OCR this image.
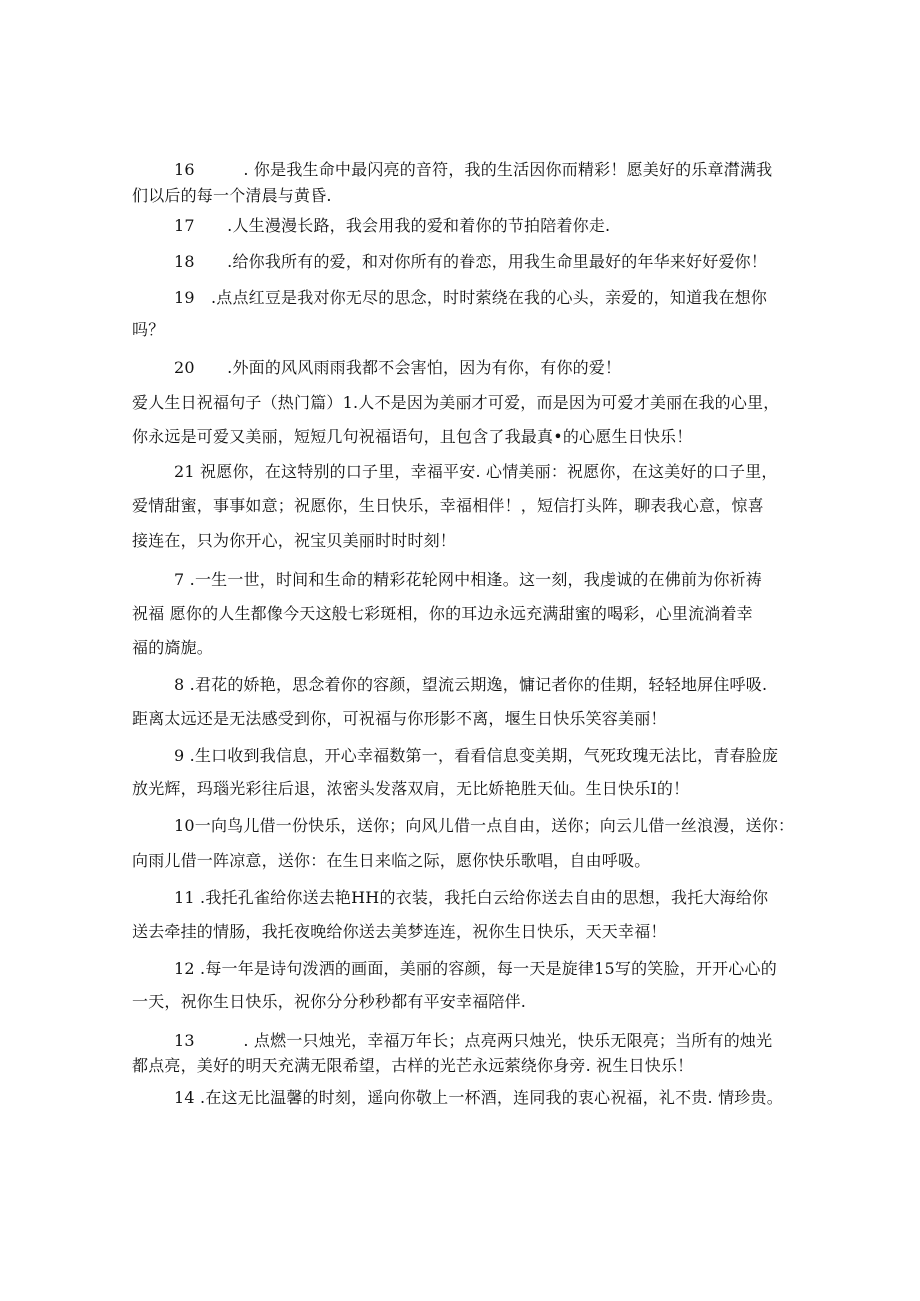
16　　　. 你是我生命中最闪亮的音符，我的生活因你而精彩！愿美好的乐章潸满我
们以后的每一个清晨与黄昏.
17　　.人生漫漫长路，我会用我的爱和着你的节拍陪着你走.
18　　.给你我所有的爱，和对你所有的眷恋，用我生命里最好的年华来好好爱你！
19　.点点红豆是我对你无尽的思念，时时萦绕在我的心头，亲爱的，知道我在想你
吗？
20　　.外面的风风雨雨我都不会害怕，因为有你，有你的爱！
爱人生日祝福句子（热门篇）1.人不是因为美丽才可爱，而是因为可爱才美丽在我的心里，
你永远是可爱又美丽，短短几句祝福语句，且包含了我最真•的心愿生日快乐！
21 祝愿你，在这特别的口子里，幸福平安. 心情美丽：祝愿你，在这美好的口子里，
爱情甜蜜，事事如意；祝愿你，生日快乐，幸福相伴！，短信打头阵，聊表我心意，惊喜
接连在，只为你开心，祝宝贝美丽时时时刻！
7 .一生一世，时间和生命的精彩花轮网中相逢。这一刻，我虔诚的在佛前为你祈祷
祝福 愿你的人生都像今天这般七彩斑相，你的耳边永远充满甜蜜的喝彩，心里流淌着幸
福的旖旎。
8 .君花的娇艳，思念着你的容颜，望流云期逸，慵记者你的佳期，轻轻地屏住呼吸.
距离太远还是无法感受到你，可祝福与你形影不离，堰生日快乐笑容美丽！
9 .生口收到我信息，开心幸福数第一，看看信息变美期，气死玫瑰无法比，青春脸庞
放光辉，玛瑙光彩往后退，浓密头发落双肩，无比娇艳胜天仙。生日快乐I的！
10一向鸟儿借一份快乐，送你；向风儿借一点自由，送你；向云儿借一丝浪漫，送你：
向雨儿借一阵凉意，送你：在生日来临之际，愿你快乐歌唱，自由呼吸。
11 .我托孔雀给你送去艳HH的衣装，我托白云给你送去自由的思想，我托大海给你
送去牵挂的情肠，我托夜晚给你送去美梦连连，祝你生日快乐，天天幸福！
12 .每一年是诗句泼洒的画面，美丽的容颜，每一天是旋律15写的笑脸，开开心心的
一天，祝你生日快乐，祝你分分秒秒都有平安幸福陪伴.
13　　　. 点燃一只烛光，幸福万年长；点亮两只烛光，快乐无限亮；当所有的烛光
都点亮，美好的明天充满无限希望，古样的光芒永远萦绕你身旁. 祝生日快乐！
14 .在这无比温馨的时刻，遥向你敬上一杯酒，连同我的衷心祝福，礼不贵. 情珍贵。
